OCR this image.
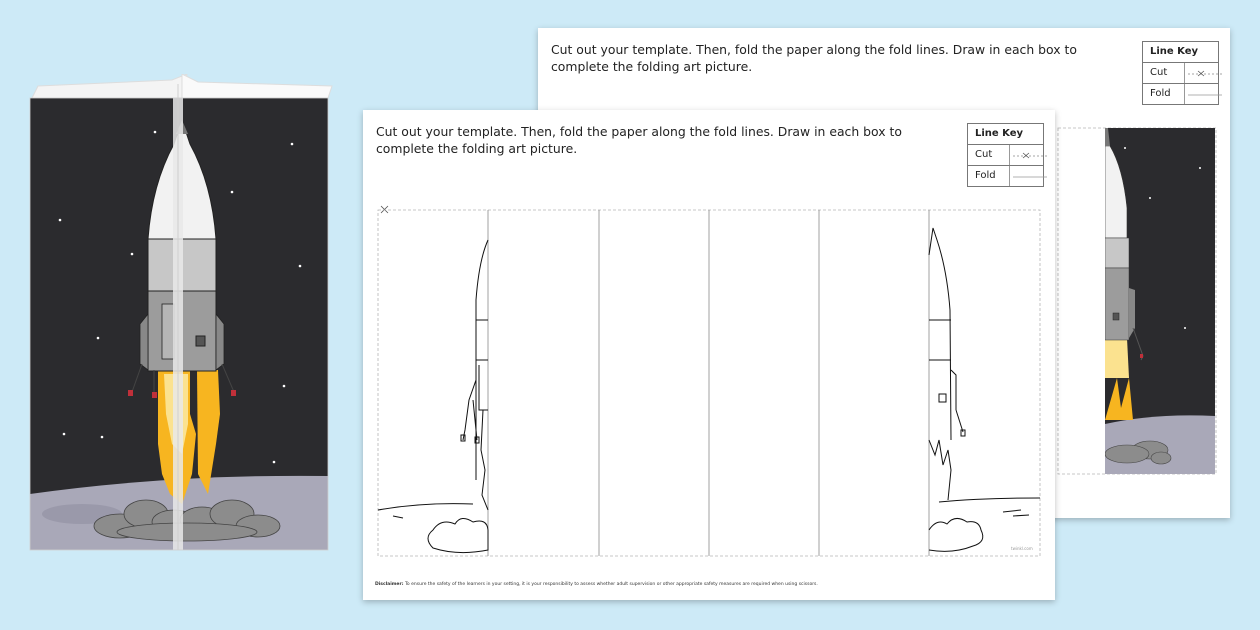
Cut out your template. Then, fold the paper along the fold lines. Draw in each box to complete the folding art picture.
Line Key
Cut
Fold
Cut out your template. Then, fold the paper along the fold lines. Draw in each box to complete the folding art picture.
Line Key
Cut
Fold
twinkl.com
Disclaimer: To ensure the safety of the learners in your setting, it is your responsibility to assess whether adult supervision or other appropriate safety measures are required when using scissors.
